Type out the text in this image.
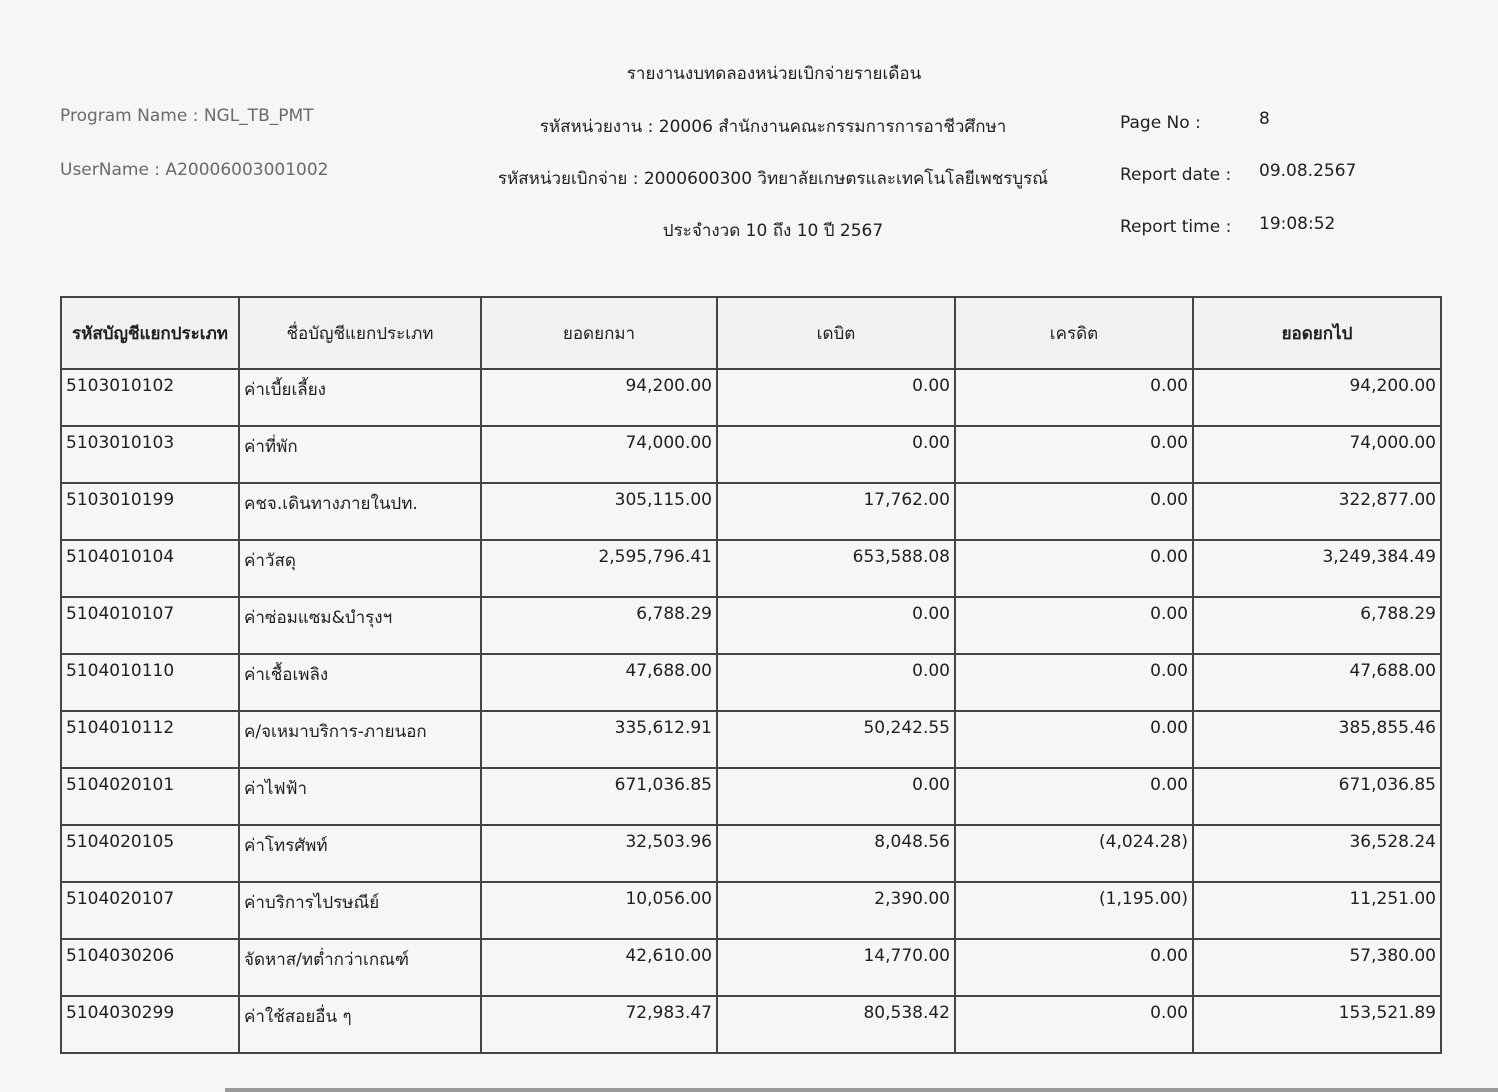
รายงานงบทดลองหน่วยเบิกจ่ายรายเดือน
Program Name : NGL_TB_PMT
UserName : A20006003001002
รหัสหน่วยงาน : 20006 สำนักงานคณะกรรมการการอาชีวศึกษา
รหัสหน่วยเบิกจ่าย : 2000600300 วิทยาลัยเกษตรและเทคโนโลยีเพชรบูรณ์
ประจำงวด 10 ถึง 10 ปี 2567
Page No :	8
Report date : 09.08.2567
Report time : 19:08:52
รหัสบัญชีแยกประเภท	ชื่อบัญชีแยกประเภท	ยอดยกมา	เดบิต	เครดิต	ยอดยกไป
5103010102	ค่าเบี้ยเลี้ยง	94,200.00	0.00	0.00	94,200.00
5103010103	ค่าที่พัก	74,000.00	0.00	0.00	74,000.00
5103010199	คชจ.เดินทางภายในปท.	305,115.00	17,762.00	0.00	322,877.00
5104010104	ค่าวัสดุ	2,595,796.41	653,588.08	0.00	3,249,384.49
5104010107	ค่าซ่อมแซม&บำรุงฯ	6,788.29	0.00	0.00	6,788.29
5104010110	ค่าเชื้อเพลิง	47,688.00	0.00	0.00	47,688.00
5104010112	ค/จเหมาบริการ-ภายนอก	335,612.91	50,242.55	0.00	385,855.46
5104020101	ค่าไฟฟ้า	671,036.85	0.00	0.00	671,036.85
5104020105	ค่าโทรศัพท์	32,503.96	8,048.56	(4,024.28)	36,528.24
5104020107	ค่าบริการไปรษณีย์	10,056.00	2,390.00	(1,195.00)	11,251.00
5104030206	จัดหาส/ทต่ำกว่าเกณฑ์	42,610.00	14,770.00	0.00	57,380.00
5104030299	ค่าใช้สอยอื่น ๆ	72,983.47	80,538.42	0.00	153,521.89
